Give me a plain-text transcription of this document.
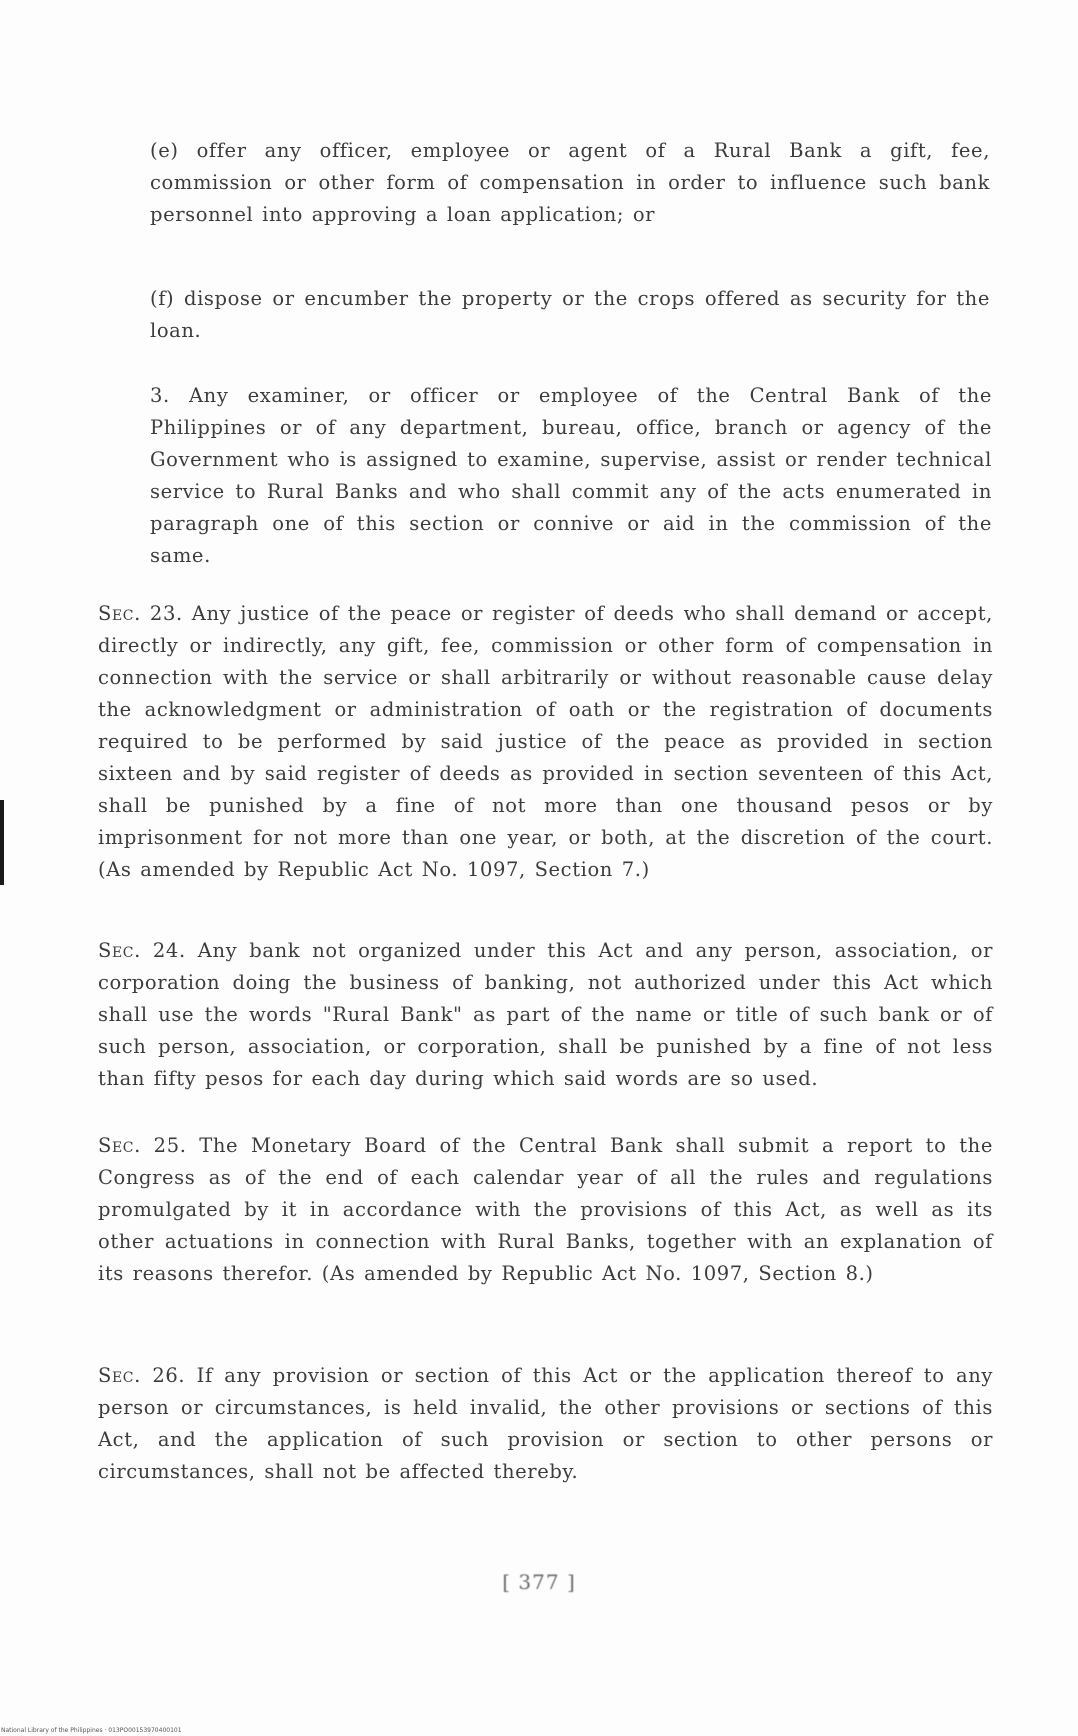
(e) offer any officer, employee or agent of a Rural Bank a gift, fee, commission or other form of compensation in order to influence such bank personnel into approving a loan application; or
(f) dispose or encumber the property or the crops offered as security for the loan.
3. Any examiner, or officer or employee of the Central Bank of the Philippines or of any department, bureau, office, branch or agency of the Government who is assigned to examine, supervise, assist or render technical service to Rural Banks and who shall commit any of the acts enumerated in paragraph one of this section or connive or aid in the commission of the same.
Sec. 23. Any justice of the peace or register of deeds who shall demand or accept, directly or indirectly, any gift, fee, commission or other form of compensation in connection with the service or shall arbitrarily or without reasonable cause delay the acknowledgment or administration of oath or the registration of documents required to be performed by said justice of the peace as provided in section sixteen and by said register of deeds as provided in section seventeen of this Act, shall be punished by a fine of not more than one thousand pesos or by imprisonment for not more than one year, or both, at the discretion of the court. (As amended by Republic Act No. 1097, Section 7.)
Sec. 24. Any bank not organized under this Act and any person, association, or corporation doing the business of banking, not authorized under this Act which shall use the words "Rural Bank" as part of the name or title of such bank or of such person, association, or corporation, shall be punished by a fine of not less than fifty pesos for each day during which said words are so used.
Sec. 25. The Monetary Board of the Central Bank shall submit a report to the Congress as of the end of each calendar year of all the rules and regulations promulgated by it in accordance with the provisions of this Act, as well as its other actuations in connection with Rural Banks, together with an explanation of its reasons therefor. (As amended by Republic Act No. 1097, Section 8.)
Sec. 26. If any provision or section of this Act or the application thereof to any person or circumstances, is held invalid, the other provisions or sections of this Act, and the application of such provision or section to other persons or circumstances, shall not be affected thereby.
[ 377 ]
National Library of the Philippines · 013PO00153970400101
